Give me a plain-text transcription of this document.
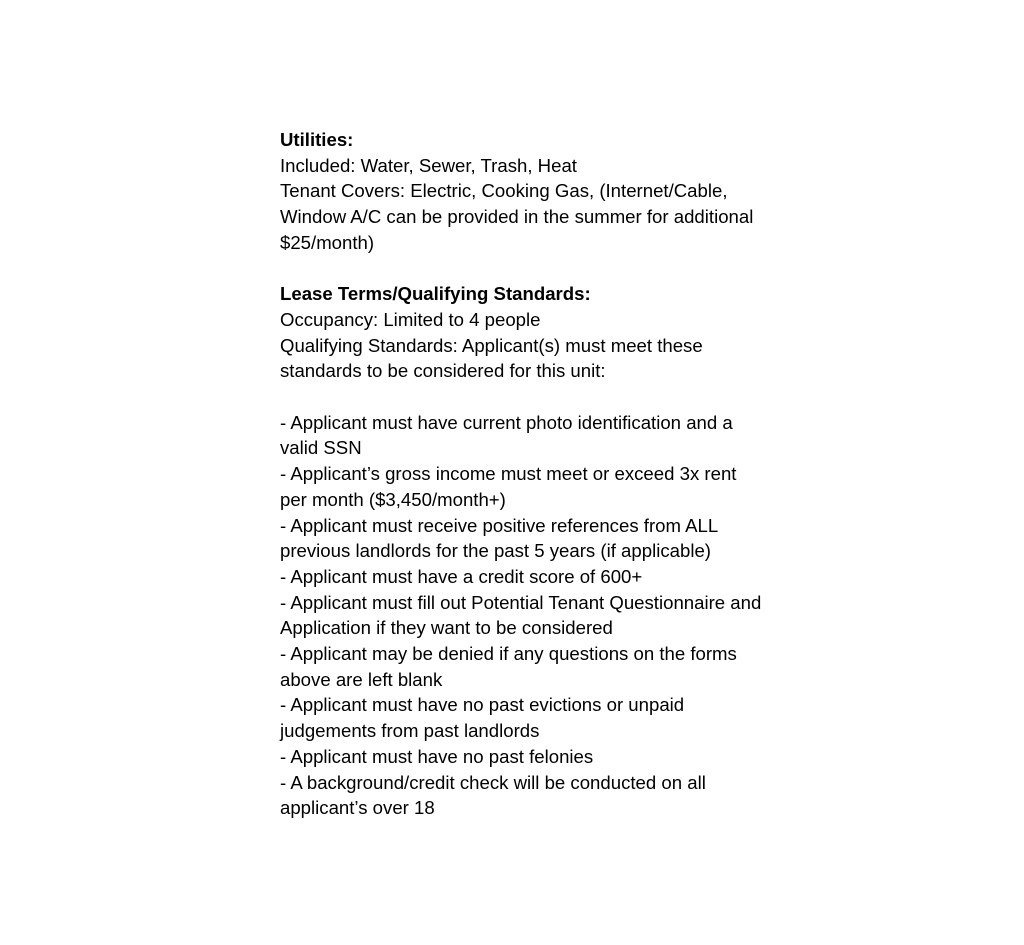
Utilities:
Included: Water, Sewer, Trash, Heat
Tenant Covers: Electric, Cooking Gas, (Internet/Cable,
Window A/C can be provided in the summer for additional
$25/month)
Lease Terms/Qualifying Standards:
Occupancy: Limited to 4 people
Qualifying Standards: Applicant(s) must meet these
standards to be considered for this unit:
- Applicant must have current photo identification and a
valid SSN
- Applicant’s gross income must meet or exceed 3x rent
per month ($3,450/month+)
- Applicant must receive positive references from ALL
previous landlords for the past 5 years (if applicable)
- Applicant must have a credit score of 600+
- Applicant must fill out Potential Tenant Questionnaire and
Application if they want to be considered
- Applicant may be denied if any questions on the forms
above are left blank
- Applicant must have no past evictions or unpaid
judgements from past landlords
- Applicant must have no past felonies
- A background/credit check will be conducted on all
applicant’s over 18
